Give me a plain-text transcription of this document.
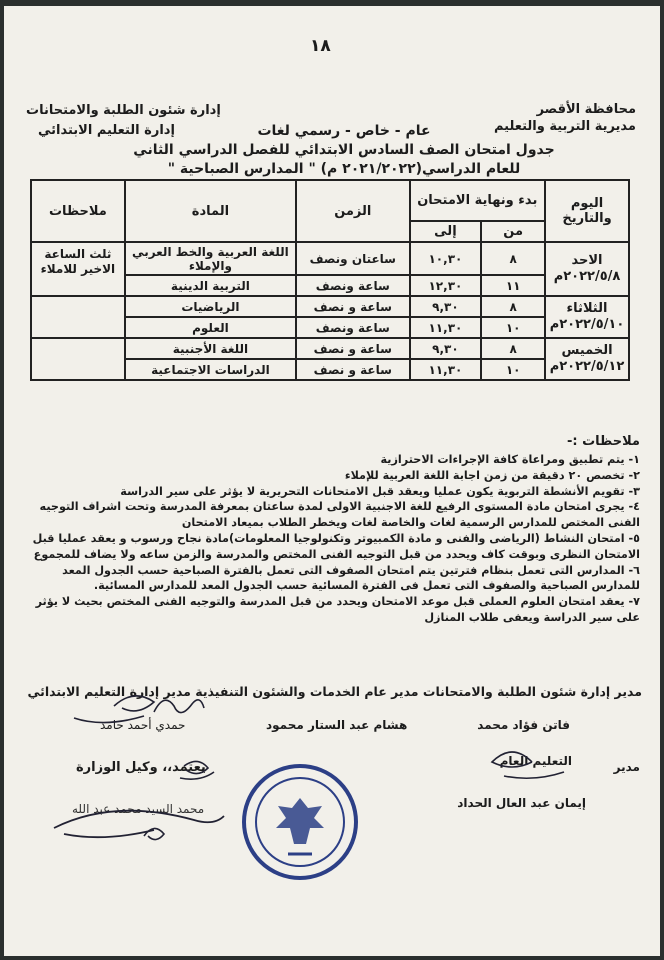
١٨
محافظة الأقصر
مديرية التربية والتعليم
إدارة شئون الطلبة والامتحانات
إدارة التعليم الابتدائي	عام - خاص - رسمي لغات
جدول امتحان الصف السادس الابتدائي للفصل الدراسي الثاني
للعام الدراسي(٢٠٢١/٢٠٢٢ م) " المدارس الصباحية "
اليوم والتاريخ	بدء ونهاية الامتحان		الزمن	المادة	ملاحظات
	من	إلى			

الاحد
٢٠٢٢/٥/٨م	٨	١٠,٣٠	ساعتان ونصف	اللغة العربية والخط العربي والإملاء	ثلث الساعة الاخير للاملاء
	١١	١٢,٣٠	ساعة ونصف	التربية الدينية	

الثلاثاء
٢٠٢٢/٥/١٠م	٨	٩,٣٠	ساعة و نصف	الرياضيات	
	١٠	١١,٣٠	ساعة ونصف	العلوم	

الخميس
٢٠٢٢/٥/١٢م	٨	٩,٣٠	ساعة و نصف	اللغة الأجنبية	
	١٠	١١,٣٠	ساعة و نصف	الدراسات الاجتماعية	
ملاحظات :-
١- يتم تطبيق ومراعاة كافة الإجراءات الاحترازية
٢- تخصص ٢٠ دقيقة من زمن اجابة اللغة العربية للإملاء
٣- تقويم الأنشطة التربوية يكون عمليا ويعقد قبل الامتحانات التحريرية لا يؤثر على سير الدراسة
٤- يجرى امتحان مادة المستوى الرفيع للغة الاجنبية الاولى لمدة ساعتان بمعرفة المدرسة وتحت اشراف التوجيه الفنى المختص للمدارس الرسمية لغات والخاصة لغات ويخطر الطلاب بميعاد الامتحان
٥- امتحان النشاط (الرياضى والفنى و مادة الكمبيوتر وتكنولوجيا المعلومات)مادة نجاح ورسوب و يعقد عمليا قبل الامتحان النظرى وبوقت كاف ويحدد من قبل التوجيه الفنى المختص والمدرسة والزمن ساعه ولا يضاف للمجموع
٦- المدارس التى تعمل بنظام فترتين يتم امتحان الصفوف التى تعمل بالفترة الصباحية حسب الجدول المعد للمدارس الصباحية والصفوف التى تعمل فى الفترة المسائية حسب الجدول المعد للمدارس المسائية.
٧- يعقد امتحان العلوم العملى قبل موعد الامتحان ويحدد من قبل المدرسة والتوجيه الفنى المختص بحيث لا يؤثر على سير الدراسة ويعفى طلاب المنازل
مدير إدارة شئون الطلبة والامتحانات مدير عام الخدمات والشئون التنفيذية مدير إدارة التعليم الابتدائي
فاتن فؤاد محمد
هشام عبد الستار محمود
حمدي أحمد حامد
مدير
التعليم العام
إيمان عبد العال الحداد
يعتمد،، وكيل الوزارة
محمد السيد محمد عبد الله
